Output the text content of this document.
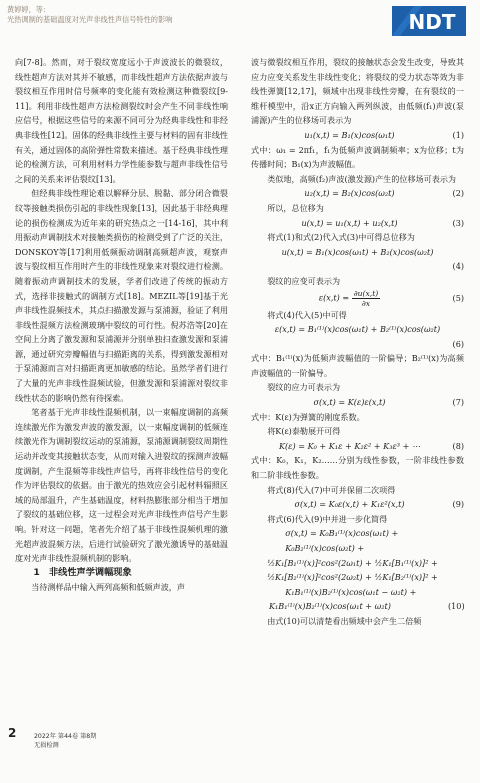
黄婷婷，等：
光热调制的基础温度对光声非线性声信号特性的影响	NDT

向[7-8]。然而，对于裂纹宽度远小于声波波长的微裂纹，线性超声方法对其并不敏感，而非线性超声方法依据声波与裂纹相互作用时信号频率的变化能有效检测这种微裂纹[9-11]。利用非线性超声方法检测裂纹时会产生不同非线性响应信号，根据这些信号的来源不同可分为经典非线性和非经典非线性[12]。固体的经典非线性主要与材料的固有非线性有关，通过固体的高阶弹性常数来描述。基于经典非线性理论的检测方法，可利用材料力学性能参数与超声非线性信号之间的关系来评估裂纹[13]。

但经典非线性理论难以解释分层、脱黏、部分闭合微裂纹等接触类损伤引起的非线性现象[13]，因此基于非经典理论的损伤检测成为近年来的研究热点之一[14-16]，其中利用振动声调制技术对接触类损伤的检测受到了广泛的关注，DONSKOY等[17]利用低频振动调制高频超声波，观察声波与裂纹相互作用时产生的非线性现象来对裂纹进行检测。随着振动声调制技术的发展，学者们改进了传统的振动方式，选择非接触式的调制方式[18]。MEZIL等[19]基于光声非线性混频技术，其点扫描激发源与泵浦源，验证了利用非线性混频方法检测玻璃中裂纹的可行性。倪苏浩等[20]在空间上分离了激发源和泵浦源并分别单独扫查激发源和泵浦源，通过研究旁瓣幅值与扫描距离的关系，得到激发源相对于泵浦源而言对扫描距离更加敏感的结论。虽然学者们进行了大量的光声非线性混频试验，但激发源和泵浦源对裂纹非线性状态的影响仍然有待探索。

笔者基于光声非线性混频机制，以一束幅度调制的高频连续激光作为激发声波的激发源，以一束幅度调制的低频连续激光作为调制裂纹运动的泵浦源，泵浦源调制裂纹周期性运动并改变其接触状态变，从而对输入进裂纹的探测声波幅度调制，产生混频等非线性声信号，再将非线性信号的变化作为评估裂纹的依据。由于激光的热效应会引起材料辐照区域的局部温升，产生基础温度，材料热膨胀部分相当于增加了裂纹的基础位移，这一过程会对光声非线性声信号产生影响。针对这一问题，笔者先介绍了基于非线性混频机理的激光超声波混频方法，后进行试验研究了激光激诱导的基础温度对光声非线性混频机制的影响。

1　非线性声学调幅现象

当待测样品中输入两列高频和低频声波，声

波与微裂纹相互作用，裂纹的接触状态会发生改变，导致其应力应变关系发生非线性变化；将裂纹的受力状态等效为非线性弹簧[12,17]，频域中出现非线性旁瓣，在有裂纹的一维杆模型中，沿x正方向输入两列纵波，由低频(f₁)声波(泵浦源)产生的位移场可表示为

u₁(x,t) = B₁(x)cos(ω₁t)	(1)

式中：ω₁ = 2πf₁，f₁为低频声波调制频率；x为位移；t为传播时间；B₁(x)为声波幅值。

类似地，高频(f₂)声波(激发源)产生的位移场可表示为

u₂(x,t) = B₂(x)cos(ω₂t)	(2)

所以，总位移为

u(x,t) = u₁(x,t) + u₂(x,t)	(3)

将式(1)和式(2)代入式(3)中可得总位移为

u(x,t) = B₁(x)cos(ω₁t) + B₂(x)cos(ω₂t)

(4)

裂纹的应变可表示为

$\varepsilon(x,t) = \frac{\partial u(x,t)}{\partial x}$	(5)

将式(4)代入(5)中可得

ε(x,t) = B₁⁽¹⁾(x)cos(ω₁t) + B₂⁽¹⁾(x)cos(ω₂t)

(6)

式中：B₁⁽¹⁾(x)为低频声波幅值的一阶偏导；B₂⁽¹⁾(x)为高频声波幅值的一阶偏导。

裂纹的应力可表示为

σ(x,t) = K(ε)ε(x,t)	(7)

式中：K(ε)为弹簧的刚度系数。

将K(ε)泰勒展开可得

K(ε) = K₀ + K₁ε + K₂ε² + K₃ε³ + ⋯	(8)

式中：K₀，K₁，K₂……分别为线性参数，一阶非线性参数和二阶非线性参数。

将式(8)代入(7)中可并保留二次项得

σ(x,t) = K₀ε(x,t) + K₁ε²(x,t)	(9)

将式(6)代入(9)中并进一步化简得

σ(x,t) = K₀B₁⁽¹⁾(x)cos(ω₁t) +

K₀B₂⁽¹⁾(x)cos(ω₂t) +

½K₁[B₁⁽¹⁾(x)]²cos²(2ω₁t) + ½K₁[B₁⁽¹⁾(x)]² +

½K₁[B₂⁽¹⁾(x)]²cos²(2ω₂t) + ½K₁[B₂⁽¹⁾(x)]² +

K₁B₁⁽¹⁾(x)B₂⁽¹⁾(x)cos(ω₁t − ω₂t) +

K₁B₁⁽¹⁾(x)B₂⁽¹⁾(x)cos(ω₁t + ω₂t)	(10)

由式(10)可以清楚看出频域中会产生二倍频

2	2022年 第44卷 第8期
无损检测
